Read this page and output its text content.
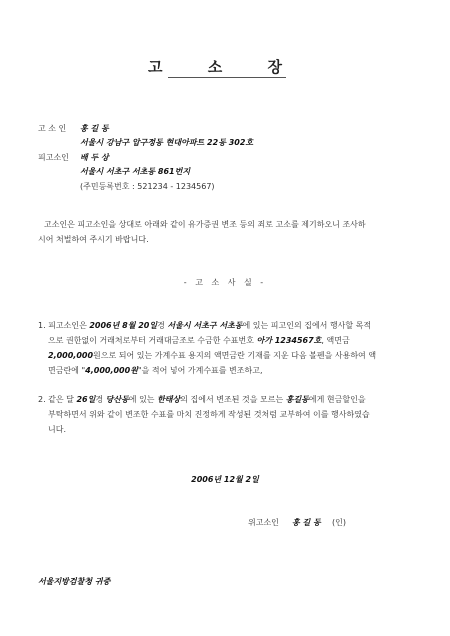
고 소 장
고 소 인 홍 길 동
서울시 강남구 압구정동 현대아파트 22동 302호
피고소인 배 두 상
서울시 서초구 서초동 861번지
(주민등록번호 : 521234 - 1234567)
고소인은 피고소인을 상대로 아래와 같이 유가증권 변조 등의 죄로 고소를 제기하오니 조사하
시어 처벌하여 주시기 바랍니다.
- 고 소 사 실 -
1. 피고소인은 2006년 8월 20일경 서울시 서초구 서초동에 있는 피고인의 집에서 행사할 목적
으로 권한없이 거래처로부터 거래대금조로 수금한 수표번호 아가 1234567호, 액면금
2,000,000원으로 되어 있는 가계수표 용지의 액면금란 기재를 지운 다음 볼펜을 사용하여 액
면금란에 "4,000,000원"을 적어 넣어 가계수표를 변조하고,
2. 같은 달 26일경 당산동에 있는 한태상의 집에서 변조된 것을 모르는 홍길동에게 현금할인을
부탁하면서 위와 같이 변조한 수표를 마치 진정하게 작성된 것처럼 교부하여 이를 행사하였습
니다.
2006년 12월 2일
위고소인 홍 길 동 (인)
서울지방검찰청 귀중
